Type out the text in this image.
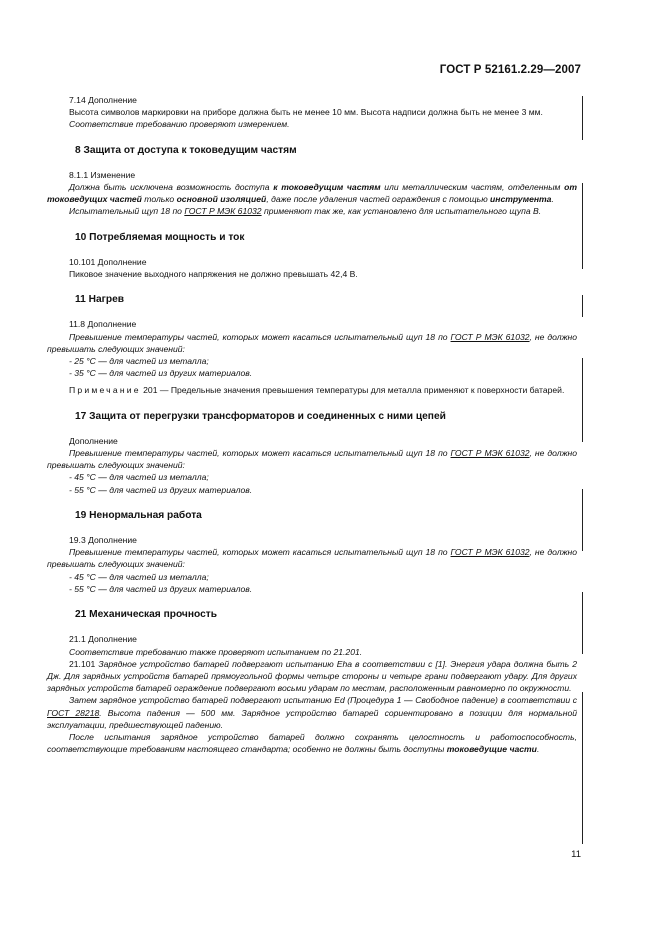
ГОСТ Р 52161.2.29—2007

7.14 Дополнение

Высота символов маркировки на приборе должна быть не менее 10 мм. Высота надписи должна быть не менее 3 мм.

Соответствие требованию проверяют измерением.

8 Защита от доступа к токоведущим частям

8.1.1 Изменение

Должна быть исключена возможность доступа к токоведущим частям или металлическим частям, отделенным от токоведущих частей только основной изоляцией, даже после удаления частей ограждения с помощью инструмента.

Испытательный щуп 18 по ГОСТ Р МЭК 61032 применяют так же, как установлено для испытательного щупа B.

10 Потребляемая мощность и ток

10.101 Дополнение

Пиковое значение выходного напряжения не должно превышать 42,4 В.

11 Нагрев

11.8 Дополнение

Превышение температуры частей, которых может касаться испытательный щуп 18 по ГОСТ Р МЭК 61032, не должно превышать следующих значений:

- 25 °С — для частей из металла;

- 35 °С — для частей из других материалов.

Примечание 201 — Предельные значения превышения температуры для металла применяют к поверхности батарей.

17 Защита от перегрузки трансформаторов и соединенных с ними цепей

Дополнение

Превышение температуры частей, которых может касаться испытательный щуп 18 по ГОСТ Р МЭК 61032, не должно превышать следующих значений:

- 45 °С — для частей из металла;

- 55 °С — для частей из других материалов.

19 Ненормальная работа

19.3 Дополнение

Превышение температуры частей, которых может касаться испытательный щуп 18 по ГОСТ Р МЭК 61032, не должно превышать следующих значений:

- 45 °С — для частей из металла;

- 55 °С — для частей из других материалов.

21 Механическая прочность

21.1 Дополнение

Соответствие требованию также проверяют испытанием по 21.201.

21.101 Зарядное устройство батарей подвергают испытанию Eha в соответствии с [1]. Энергия удара должна быть 2 Дж. Для зарядных устройств батарей прямоугольной формы четыре стороны и четыре грани подвергают удару. Для других зарядных устройств батарей ограждение подвергают восьми ударам по местам, расположенным равномерно по окружности.

Затем зарядное устройство батарей подвергают испытанию Ed (Процедура 1 — Свободное падение) в соответствии с ГОСТ 28218. Высота падения — 500 мм. Зарядное устройство батарей сориентировано в позиции для нормальной эксплуатации, предшествующей падению.

После испытания зарядное устройство батарей должно сохранять целостность и работоспособность, соответствующие требованиям настоящего стандарта; особенно не должны быть доступны токоведущие части.

11
